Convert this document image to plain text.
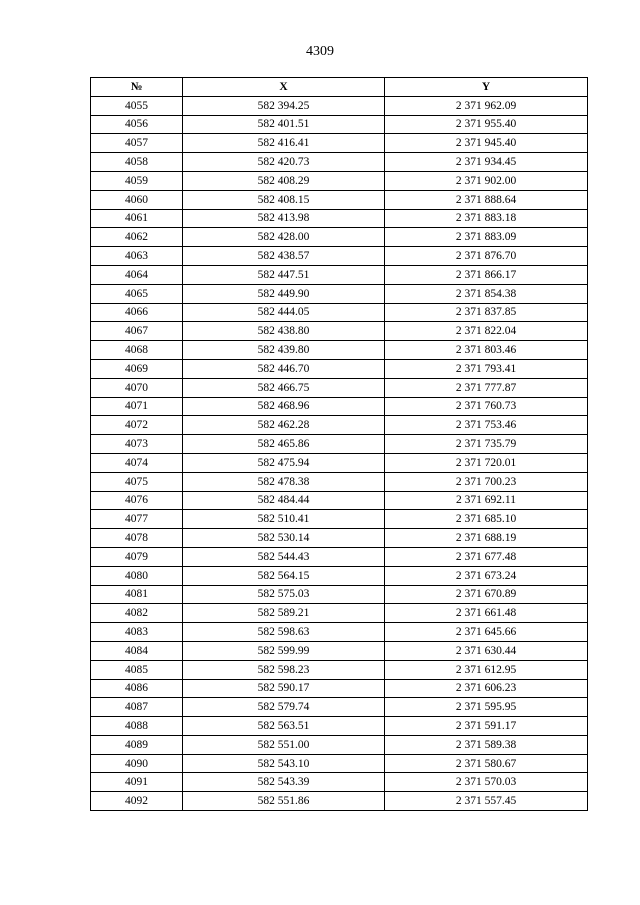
4309
№	X	Y
4055	582 394.25	2 371 962.09
4056	582 401.51	2 371 955.40
4057	582 416.41	2 371 945.40
4058	582 420.73	2 371 934.45
4059	582 408.29	2 371 902.00
4060	582 408.15	2 371 888.64
4061	582 413.98	2 371 883.18
4062	582 428.00	2 371 883.09
4063	582 438.57	2 371 876.70
4064	582 447.51	2 371 866.17
4065	582 449.90	2 371 854.38
4066	582 444.05	2 371 837.85
4067	582 438.80	2 371 822.04
4068	582 439.80	2 371 803.46
4069	582 446.70	2 371 793.41
4070	582 466.75	2 371 777.87
4071	582 468.96	2 371 760.73
4072	582 462.28	2 371 753.46
4073	582 465.86	2 371 735.79
4074	582 475.94	2 371 720.01
4075	582 478.38	2 371 700.23
4076	582 484.44	2 371 692.11
4077	582 510.41	2 371 685.10
4078	582 530.14	2 371 688.19
4079	582 544.43	2 371 677.48
4080	582 564.15	2 371 673.24
4081	582 575.03	2 371 670.89
4082	582 589.21	2 371 661.48
4083	582 598.63	2 371 645.66
4084	582 599.99	2 371 630.44
4085	582 598.23	2 371 612.95
4086	582 590.17	2 371 606.23
4087	582 579.74	2 371 595.95
4088	582 563.51	2 371 591.17
4089	582 551.00	2 371 589.38
4090	582 543.10	2 371 580.67
4091	582 543.39	2 371 570.03
4092	582 551.86	2 371 557.45
